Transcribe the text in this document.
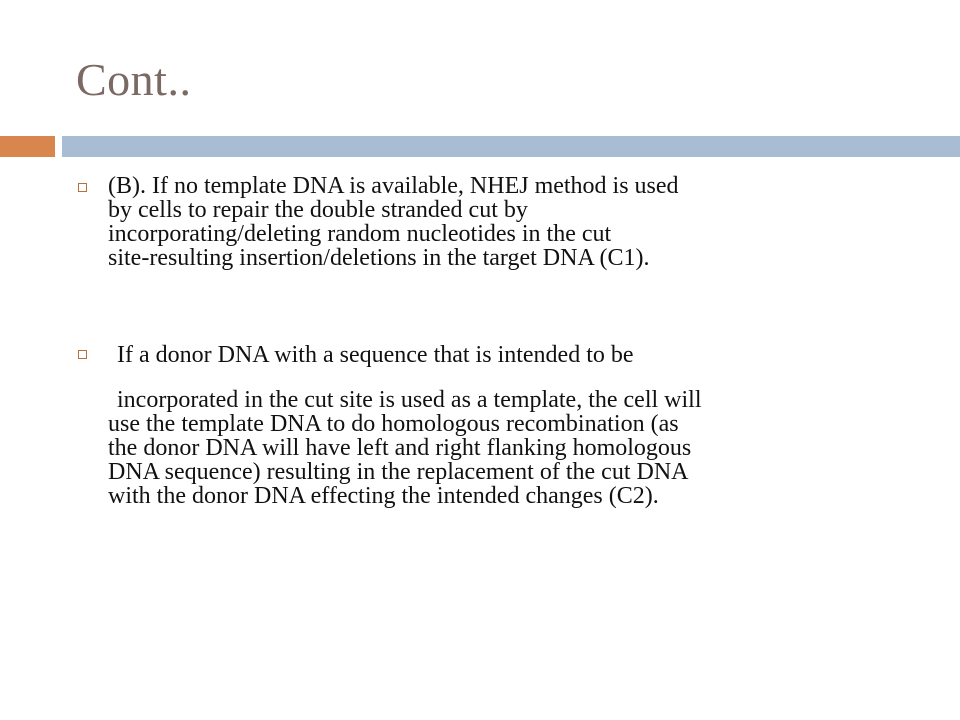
Cont..
(B). If no template DNA is available, NHEJ method is used
by cells to repair the double stranded cut by
incorporating/deleting random nucleotides in the cut
site-resulting insertion/deletions in the target DNA (C1).
If a donor DNA with a sequence that is intended to be
incorporated in the cut site is used as a template, the cell will
use the template DNA to do homologous recombination (as
the donor DNA will have left and right flanking homologous
DNA sequence) resulting in the replacement of the cut DNA
with the donor DNA effecting the intended changes (C2).
